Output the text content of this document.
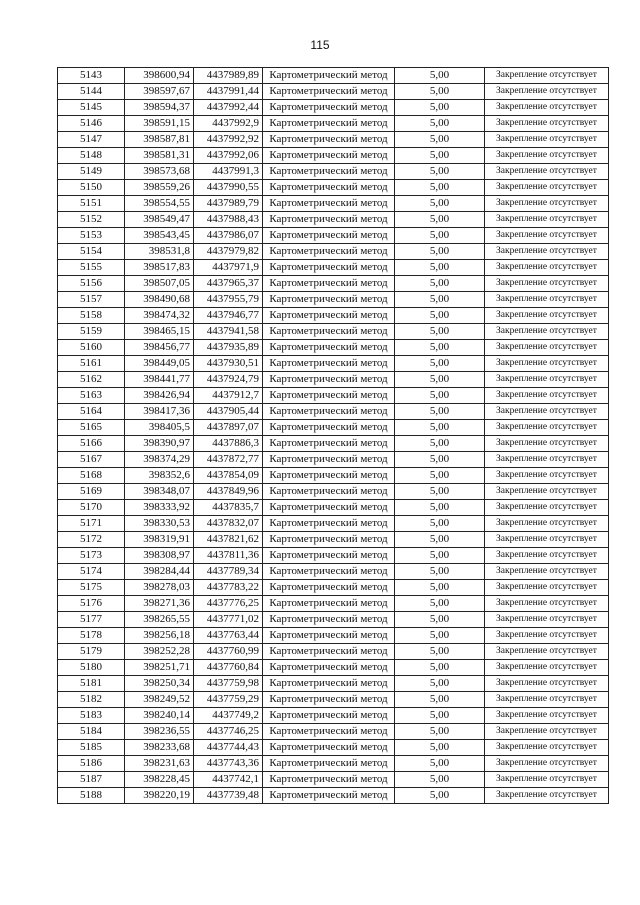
115
5143	398600,94	4437989,89	Картометрический метод	5,00	Закрепление отсутствует
5144	398597,67	4437991,44	Картометрический метод	5,00	Закрепление отсутствует
5145	398594,37	4437992,44	Картометрический метод	5,00	Закрепление отсутствует
5146	398591,15	4437992,9	Картометрический метод	5,00	Закрепление отсутствует
5147	398587,81	4437992,92	Картометрический метод	5,00	Закрепление отсутствует
5148	398581,31	4437992,06	Картометрический метод	5,00	Закрепление отсутствует
5149	398573,68	4437991,3	Картометрический метод	5,00	Закрепление отсутствует
5150	398559,26	4437990,55	Картометрический метод	5,00	Закрепление отсутствует
5151	398554,55	4437989,79	Картометрический метод	5,00	Закрепление отсутствует
5152	398549,47	4437988,43	Картометрический метод	5,00	Закрепление отсутствует
5153	398543,45	4437986,07	Картометрический метод	5,00	Закрепление отсутствует
5154	398531,8	4437979,82	Картометрический метод	5,00	Закрепление отсутствует
5155	398517,83	4437971,9	Картометрический метод	5,00	Закрепление отсутствует
5156	398507,05	4437965,37	Картометрический метод	5,00	Закрепление отсутствует
5157	398490,68	4437955,79	Картометрический метод	5,00	Закрепление отсутствует
5158	398474,32	4437946,77	Картометрический метод	5,00	Закрепление отсутствует
5159	398465,15	4437941,58	Картометрический метод	5,00	Закрепление отсутствует
5160	398456,77	4437935,89	Картометрический метод	5,00	Закрепление отсутствует
5161	398449,05	4437930,51	Картометрический метод	5,00	Закрепление отсутствует
5162	398441,77	4437924,79	Картометрический метод	5,00	Закрепление отсутствует
5163	398426,94	4437912,7	Картометрический метод	5,00	Закрепление отсутствует
5164	398417,36	4437905,44	Картометрический метод	5,00	Закрепление отсутствует
5165	398405,5	4437897,07	Картометрический метод	5,00	Закрепление отсутствует
5166	398390,97	4437886,3	Картометрический метод	5,00	Закрепление отсутствует
5167	398374,29	4437872,77	Картометрический метод	5,00	Закрепление отсутствует
5168	398352,6	4437854,09	Картометрический метод	5,00	Закрепление отсутствует
5169	398348,07	4437849,96	Картометрический метод	5,00	Закрепление отсутствует
5170	398333,92	4437835,7	Картометрический метод	5,00	Закрепление отсутствует
5171	398330,53	4437832,07	Картометрический метод	5,00	Закрепление отсутствует
5172	398319,91	4437821,62	Картометрический метод	5,00	Закрепление отсутствует
5173	398308,97	4437811,36	Картометрический метод	5,00	Закрепление отсутствует
5174	398284,44	4437789,34	Картометрический метод	5,00	Закрепление отсутствует
5175	398278,03	4437783,22	Картометрический метод	5,00	Закрепление отсутствует
5176	398271,36	4437776,25	Картометрический метод	5,00	Закрепление отсутствует
5177	398265,55	4437771,02	Картометрический метод	5,00	Закрепление отсутствует
5178	398256,18	4437763,44	Картометрический метод	5,00	Закрепление отсутствует
5179	398252,28	4437760,99	Картометрический метод	5,00	Закрепление отсутствует
5180	398251,71	4437760,84	Картометрический метод	5,00	Закрепление отсутствует
5181	398250,34	4437759,98	Картометрический метод	5,00	Закрепление отсутствует
5182	398249,52	4437759,29	Картометрический метод	5,00	Закрепление отсутствует
5183	398240,14	4437749,2	Картометрический метод	5,00	Закрепление отсутствует
5184	398236,55	4437746,25	Картометрический метод	5,00	Закрепление отсутствует
5185	398233,68	4437744,43	Картометрический метод	5,00	Закрепление отсутствует
5186	398231,63	4437743,36	Картометрический метод	5,00	Закрепление отсутствует
5187	398228,45	4437742,1	Картометрический метод	5,00	Закрепление отсутствует
5188	398220,19	4437739,48	Картометрический метод	5,00	Закрепление отсутствует
